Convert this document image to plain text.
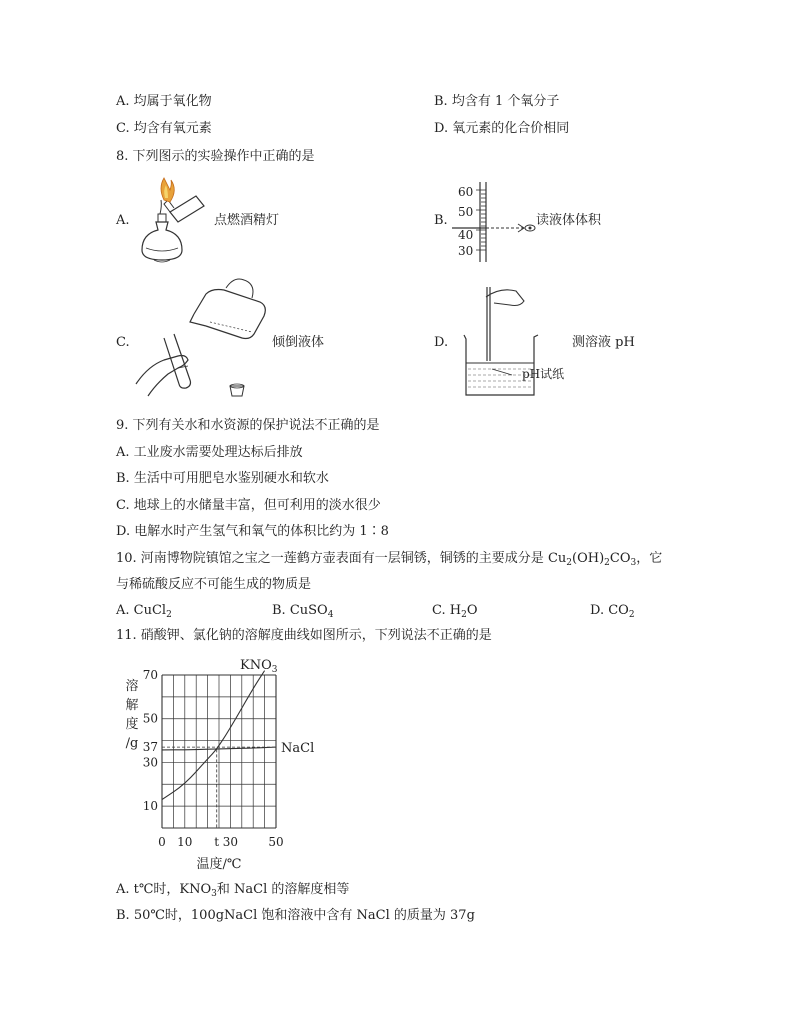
A. 均属于氧化物	B. 均含有 1 个氧分子
C. 均含有氧元素	D. 氧元素的化合价相同
8. 下列图示的实验操作中正确的是
A.	点燃酒精灯	B.
60
50
40
30
读液体体积
C.	倾倒液体	D.	测溶液 pH
pH试纸
9. 下列有关水和水资源的保护说法不正确的是
A. 工业废水需要处理达标后排放
B. 生活中可用肥皂水鉴别硬水和软水
C. 地球上的水储量丰富，但可利用的淡水很少
D. 电解水时产生氢气和氧气的体积比约为 1∶8
10. 河南博物院镇馆之宝之一莲鹤方壶表面有一层铜锈，铜锈的主要成分是 $Cu_2(OH)_2CO_3$，它
与稀硫酸反应不可能生成的物质是
A. CuCl$_2$	B. CuSO$_4$	C. $H_2O$	D. $CO_2$
11. 硝酸钾、氯化钠的溶解度曲线如图所示，下列说法不正确的是
70
50
37
30
10
0 10 t 30	50
溶
解
度
/g
温度/℃
$KNO_3$
NaCl
A. t℃时，$KNO_3$和 NaCl 的溶解度相等
B. 50℃时，100gNaCl 饱和溶液中含有 NaCl 的质量为 37g
